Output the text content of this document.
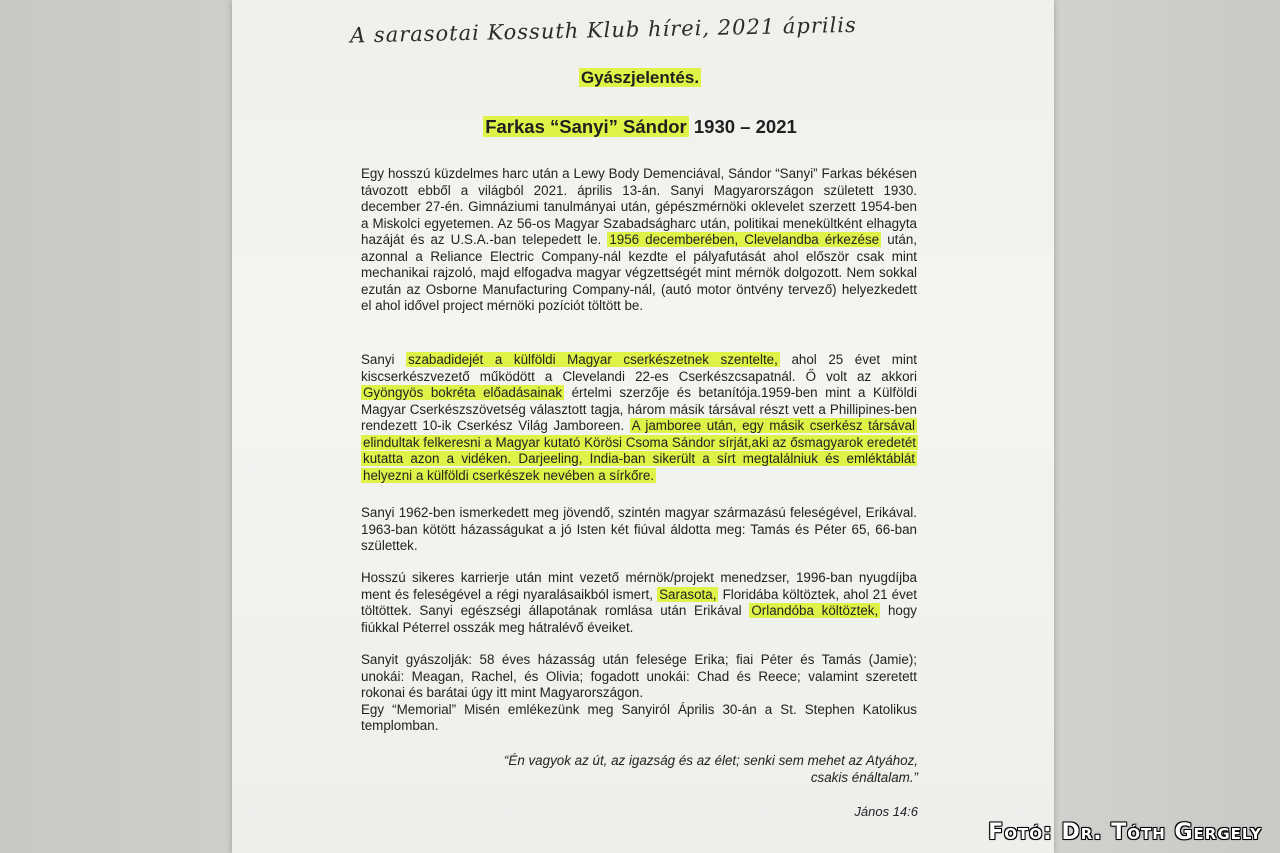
A sarasotai Kossuth Klub hírei, 2021 április
Gyászjelentés.
Farkas “Sanyi” Sándor 1930 – 2021

Egy hosszú küzdelmes harc után a Lewy Body Demenciával, Sándor “Sanyi” Farkas békésen távozott ebből a világból 2021. április 13-án. Sanyi Magyarországon született 1930. december 27-én. Gimnáziumi tanulmányai után, gépészmérnöki oklevelet szerzett 1954-ben a Miskolci egyetemen. Az 56-os Magyar Szabadságharc után, politikai menekültként elhagyta hazáját és az U.S.A.-ban telepedett le. 1956 decemberében, Clevelandba érkezése után, azonnal a Reliance Electric Company-nál kezdte el pályafutását ahol először csak mint mechanikai rajzoló, majd elfogadva magyar végzettségét mint mérnök dolgozott. Nem sokkal ezután az Osborne Manufacturing Company-nál, (autó motor öntvény tervező) helyezkedett el ahol idővel project mérnöki pozíciót töltött be.

Sanyi szabadidejét a külföldi Magyar cserkészetnek szentelte, ahol 25 évet mint kiscserkészvezető működött a Clevelandi 22-es Cserkészcsapatnál. Ő volt az akkori Gyöngyös bokréta előadásainak értelmi szerzője és betanítója.1959-ben mint a Külföldi Magyar Cserkészszövetség választott tagja, három másik társával részt vett a Phillipines-ben rendezett 10-ik Cserkész Világ Jamboreen. A jamboree után, egy másik cserkész társával elindultak felkeresni a Magyar kutató Körösi Csoma Sándor sírját,aki az ősmagyarok eredetét kutatta azon a vidéken. Darjeeling, India-ban sikerült a sírt megtalálniuk és emléktáblát helyezni a külföldi cserkészek nevében a sírkőre.

Sanyi 1962-ben ismerkedett meg jövendő, szintén magyar származású feleségével, Erikával. 1963-ban kötött házasságukat a jó Isten két fiúval áldotta meg: Tamás és Péter 65, 66-ban születtek.

Hosszú sikeres karrierje után mint vezető mérnök/projekt menedzser, 1996-ban nyugdíjba ment és feleségével a régi nyaralásaikból ismert, Sarasota, Floridába költöztek, ahol 21 évet töltöttek. Sanyi egészségi állapotának romlása után Erikával Orlandóba költöztek, hogy fiúkkal Péterrel osszák meg hátralévő éveiket.

Sanyit gyászolják: 58 éves házasság után felesége Erika; fiai Péter és Tamás (Jamie); unokái: Meagan, Rachel, és Olivia; fogadott unokái: Chad és Reece; valamint szeretett rokonai és barátai úgy itt mint Magyarországon.

Egy “Memorial” Misén emlékezünk meg Sanyiról Április 30-án a St. Stephen Katolikus templomban.

“Én vagyok az út, az igazság és az élet; senki sem mehet az Atyához,
csakis énáltalam.”
János 14:6
Fotó: Dr. Tóth Gergely
